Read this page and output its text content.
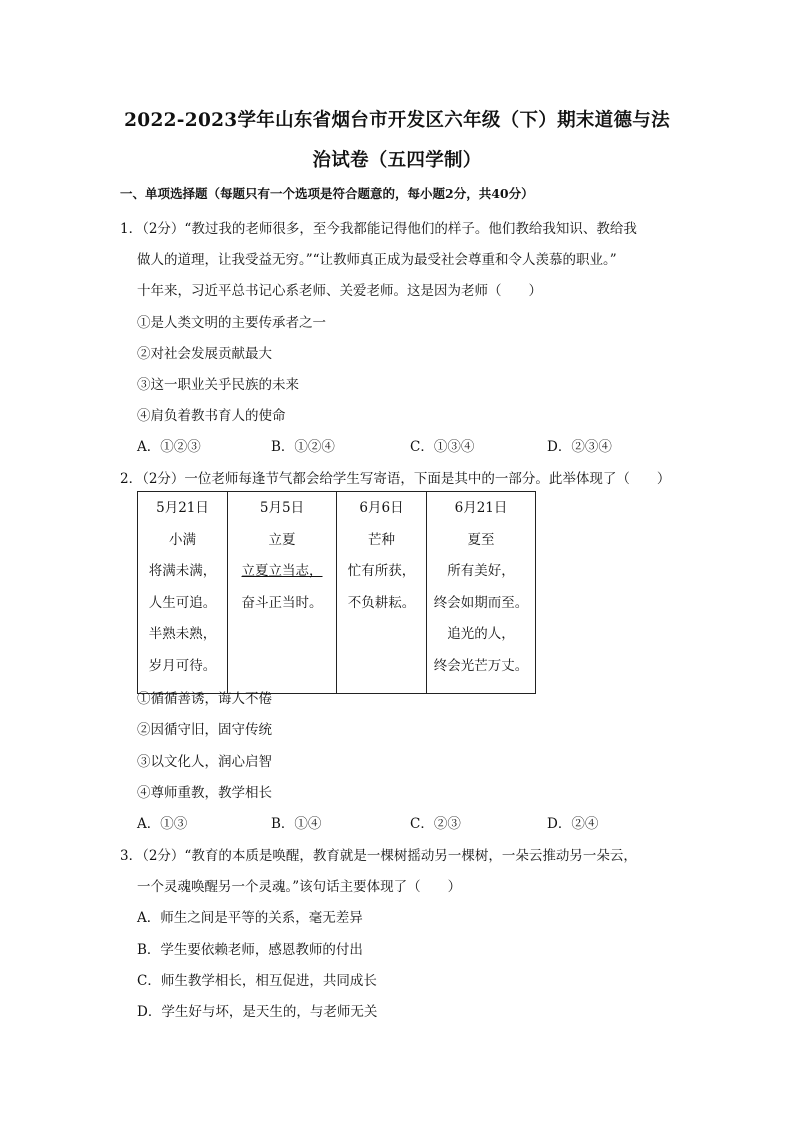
2022-2023学年山东省烟台市开发区六年级（下）期末道德与法
治试卷（五四学制）
一、单项选择题（每题只有一个选项是符合题意的，每小题2分，共40分）
1．（2分）“教过我的老师很多，至今我都能记得他们的样子。他们教给我知识、教给我
做人的道理，让我受益无穷。”“让教师真正成为最受社会尊重和令人羡慕的职业。”
十年来，习近平总书记心系老师、关爱老师。这是因为老师（　　）
①是人类文明的主要传承者之一
②对社会发展贡献最大
③这一职业关乎民族的未来
④肩负着教书育人的使命
A．①②③	B．①②④	C．①③④	D．②③④
2．（2分）一位老师每逢节气都会给学生写寄语，下面是其中的一部分。此举体现了（　　）
5月21日
小满
将满未满，
人生可追。
半熟未熟，
岁月可待。

5月5日
立夏
立夏立当志，
奋斗正当时。

6月6日
芒种
忙有所获，
不负耕耘。

6月21日
夏至
所有美好，
终会如期而至。
追光的人，
终会光芒万丈。
①循循善诱，诲人不倦
②因循守旧，固守传统
③以文化人，润心启智
④尊师重教，教学相长
A．①③	B．①④	C．②③	D．②④
3．（2分）“教育的本质是唤醒，教育就是一棵树摇动另一棵树，一朵云推动另一朵云，
一个灵魂唤醒另一个灵魂。”该句话主要体现了（　　）
A．师生之间是平等的关系，毫无差异
B．学生要依赖老师，感恩教师的付出
C．师生教学相长，相互促进，共同成长
D．学生好与坏，是天生的，与老师无关
